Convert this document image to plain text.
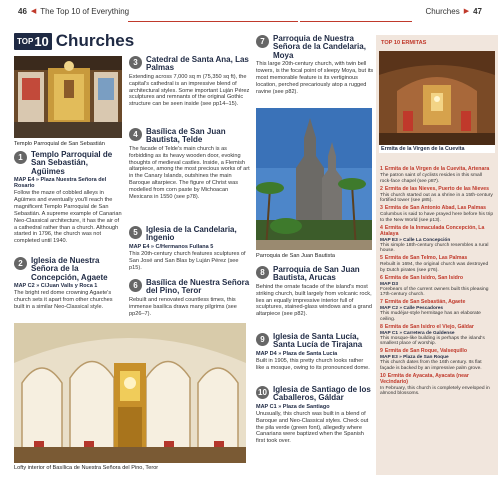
46 ◀ The Top 10 of Everything	Churches ▶ 47
TOP 10 Churches
Templo Parroquial de San Sebastián
1	Templo Parroquial de San Sebastián, Agüimes
MAP E4 » Plaza Nuestra Señora del Rosario
Follow the maze of cobbled alleys in Agüimes and eventually you'll reach the magnificent Templo Parroquial de San Sebastián. A supreme example of Canarian Neo-Classical architecture, it has the air of a cathedral rather than a church. Although started in 1796, the church was not completed until 1940.
2	Iglesia de Nuestra Señora de la Concepción, Agaete
MAP C2 » C/Juan Valls y Roca 1
The bright red dome crowning Agaete's church sets it apart from other churches built in a similar Neo-Classical style.
Lofty interior of Basílica de Nuestra Señora del Pino, Teror
3	Catedral de Santa Ana, Las Palmas
Extending across 7,000 sq m (75,350 sq ft), the capital's cathedral is an impressive blend of architectural styles. Some important Luján Pérez sculptures and remnants of the original Gothic structure can be seen inside (see pp14–15).
4	Basílica de San Juan Bautista, Telde
The facade of Telde's main church is as forbidding as its heavy wooden door, evoking thoughts of medieval castles. Inside, a Flemish altarpiece, among the most precious works of art in the Canary Islands, outshines the main Baroque altarpiece. The figure of Christ was modelled from corn paste by Michoacan Mexicans in 1550 (see p78).
5	Iglesia de la Candelaria, Ingenio
MAP E4 » C/Hermanos Fullana 5
This 20th-century church features sculptures of San José and San Blas by Luján Pérez (see p15).
6	Basílica de Nuestra Señora del Pino, Teror
Rebuilt and renovated countless times, this immense basilica draws many pilgrims (see pp26–7).
7	Parroquia de Nuestra Señora de la Candelaria, Moya
This large 20th-century church, with twin bell towers, is the focal point of sleepy Moya, but its most memorable feature is its vertiginous location, perched precariously atop a rugged ravine (see p82).
Parroquia de San Juan Bautista
8	Parroquia de San Juan Bautista, Arucas
Behind the ornate facade of the island's most striking church, built largely from volcanic rock, lies an equally impressive interior full of sculptures, stained-glass windows and a grand altarpiece (see p82).
9	Iglesia de Santa Lucía, Santa Lucía de Tirajana
MAP D4 » Plaza de Santa Lucía
Built in 1905, this pretty church looks rather like a mosque, owing to its pronounced dome.
10 Iglesia de Santiago de los Caballeros, Gáldar
MAP C1 » Plaza de Santiago
Unusually, this church was built in a blend of Baroque and Neo-Classical styles. Check out the pila verde (green font), allegedly where Canarians were baptized when the Spanish first took over.
TOP 10 ERMITAS
Ermita de la Virgen de la Cuevita
1 Ermita de la Virgen de la Cuevita, Artenara
The patron saint of cyclists resides in this small rock-face chapel (see p87).
2 Ermita de las Nieves, Puerto de las Nieves
This church started out as a shrine in a 15th-century fortified tower (see p85).
3 Ermita de San Antonio Abad, Las Palmas
Columbus is said to have prayed here before his trip to the New World (see p13).
4 Ermita de la Inmaculada Concepción, La Atalaya
MAP E3 » Calle La Concepción
This simple 18th-century church resembles a rural house.
5 Ermita de San Telmo, Las Palmas
Rebuilt in 1694, the original church was destroyed by Dutch pirates (see p76).
6 Ermita de San Isidro, San Isidro
MAP D3
Forebears of the current owners built this pleasing 17th-century church.
7 Ermita de San Sebastián, Agaete
MAP C2 » Calle Pescadores
This mudéjar-style hermitage has an elaborate ceiling.
8 Ermita de San Isidro el Viejo, Gáldar
MAP C1 » Carretera de Galdense
This mosque-like building is perhaps the island's smallest place of worship.
9 Ermita de San Roque, Valsequillo
MAP E3 » Plaza de San Roque
This church dates from the 16th century. Its flat façade is backed by an impressive palm grove.
10 Ermita de Ayacata, Ayacata (near Vecindario)
In February, this church is completely enveloped in almond blossoms.
